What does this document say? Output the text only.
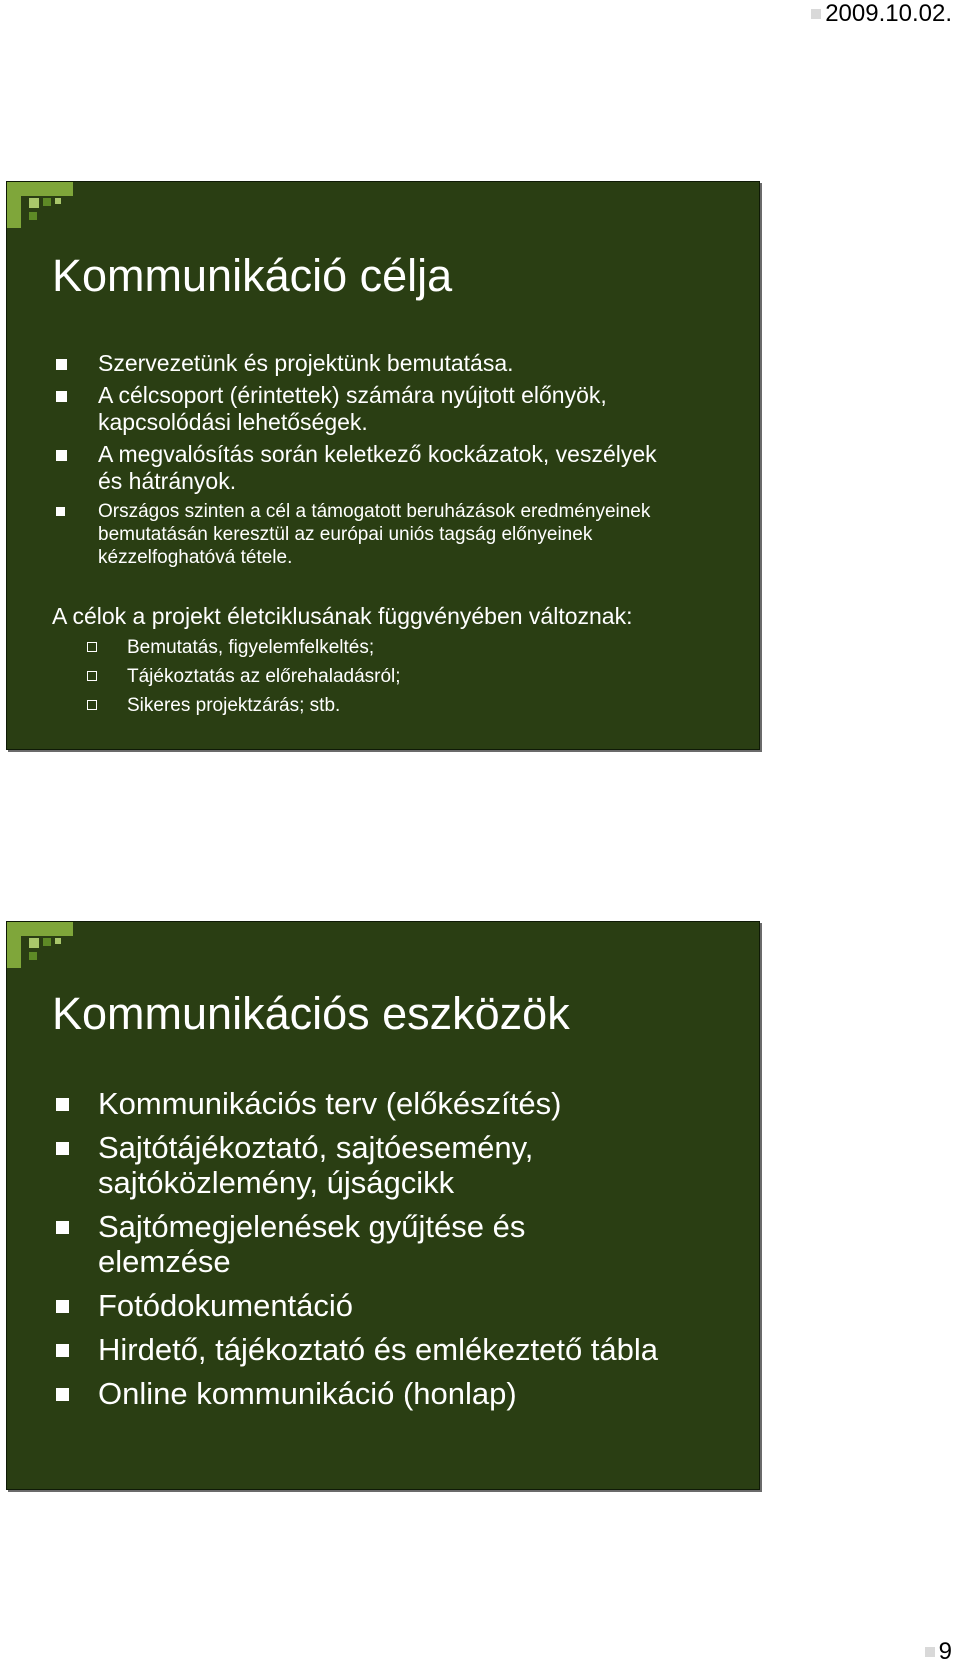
2009.10.02.
Kommunikáció célja
Szervezetünk és projektünk bemutatása.
A célcsoport (érintettek) számára nyújtott előnyök,
kapcsolódási lehetőségek.
A megvalósítás során keletkező kockázatok, veszélyek
és hátrányok.
Országos szinten a cél a támogatott beruházások eredményeinek
bemutatásán keresztül az európai uniós tagság előnyeinek
kézzelfoghatóvá tétele.
A célok a projekt életciklusának függvényében változnak:
Bemutatás, figyelemfelkeltés;
Tájékoztatás az előrehaladásról;
Sikeres projektzárás; stb.
Kommunikációs eszközök
Kommunikációs terv (előkészítés)
Sajtótájékoztató, sajtóesemény,
sajtóközlemény, újságcikk
Sajtómegjelenések gyűjtése és
elemzése
Fotódokumentáció
Hirdető, tájékoztató és emlékeztető tábla
Online kommunikáció (honlap)
9
